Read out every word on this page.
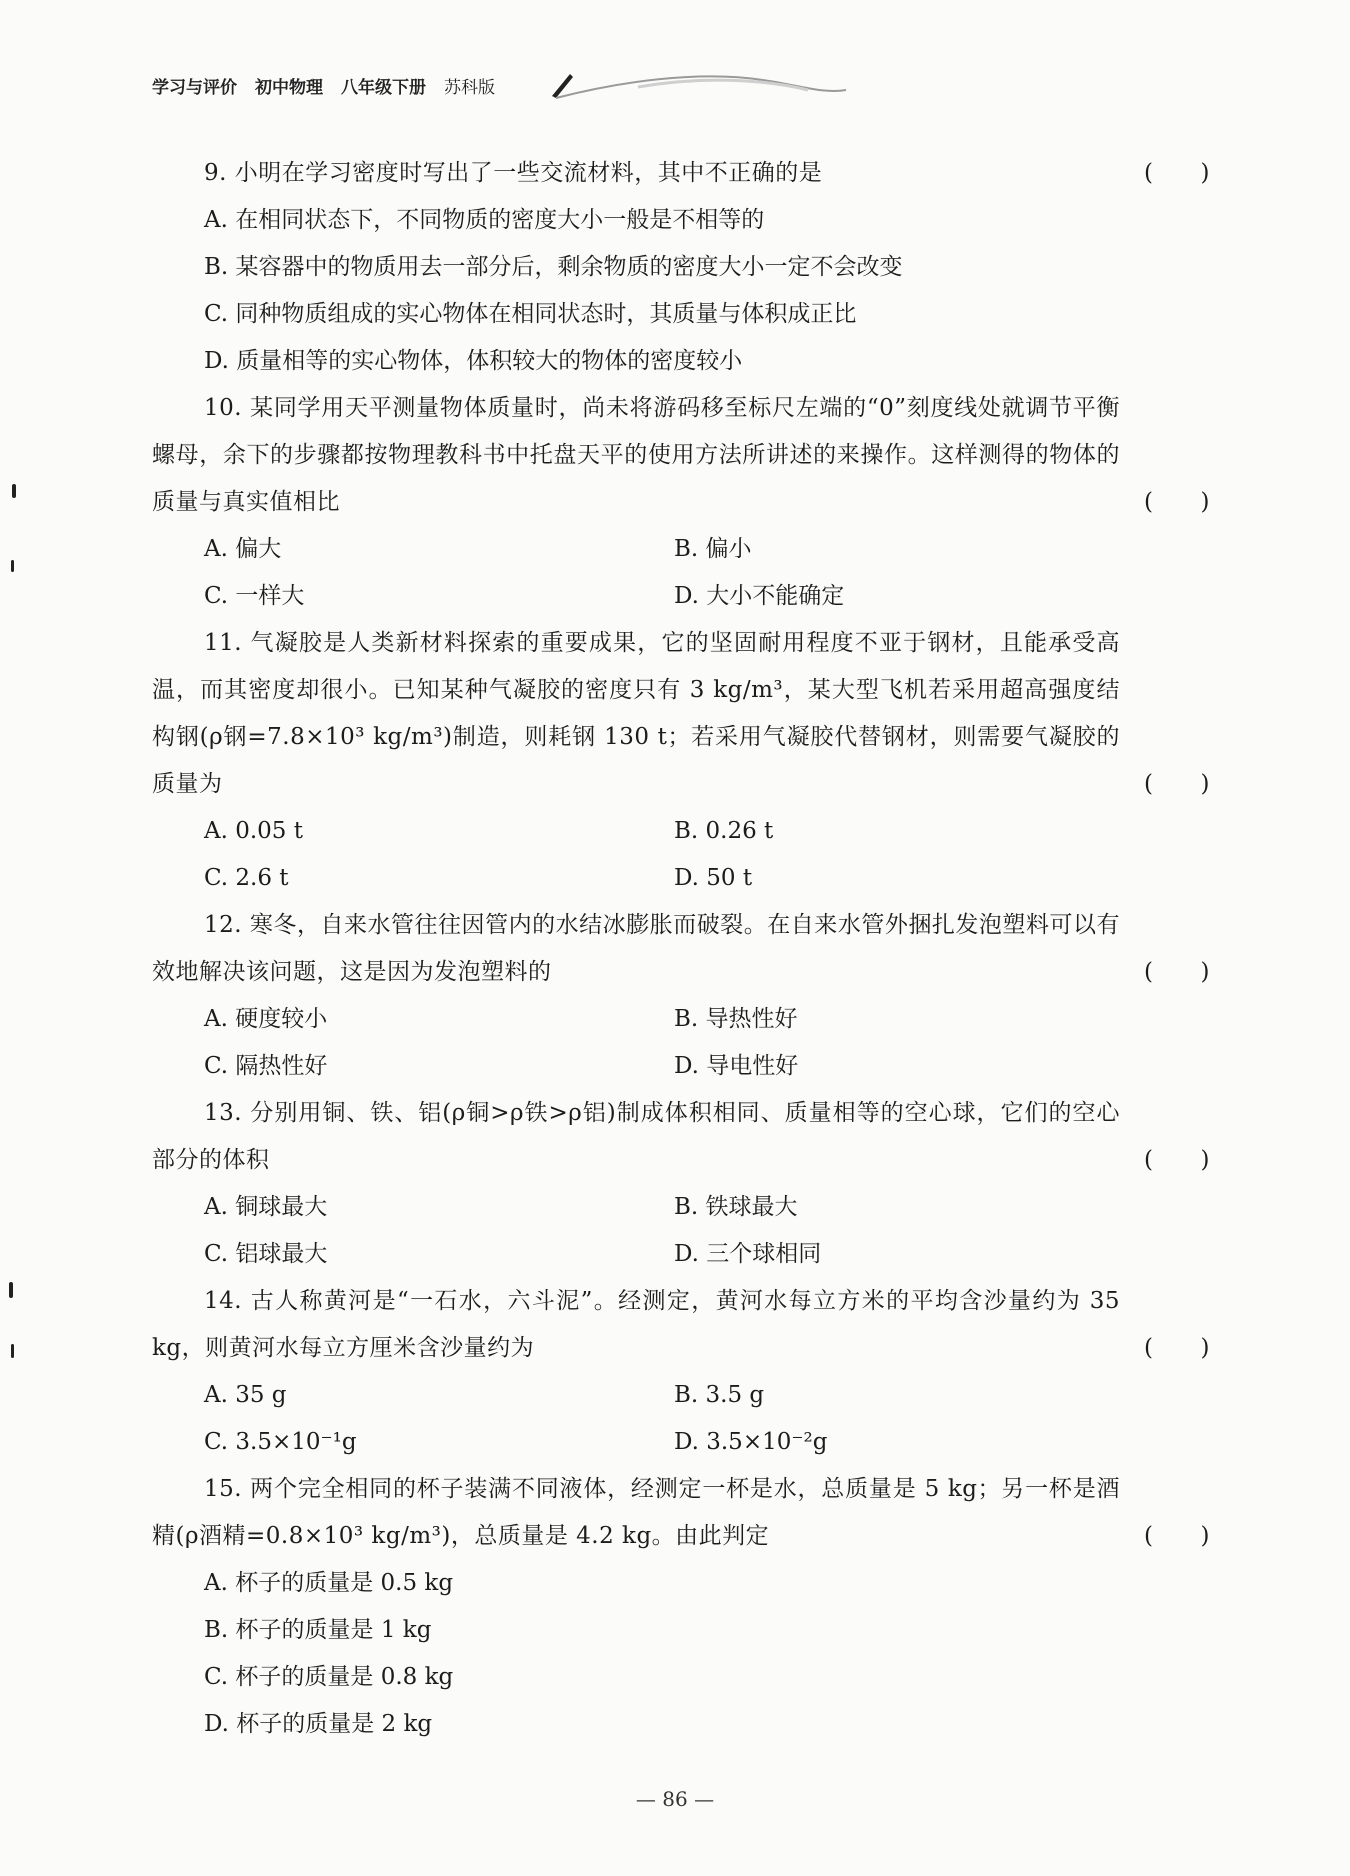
学习与评价 初中物理 八年级下册 苏科版
9. 小明在学习密度时写出了一些交流材料，其中不正确的是	(　　)
A. 在相同状态下，不同物质的密度大小一般是不相等的
B. 某容器中的物质用去一部分后，剩余物质的密度大小一定不会改变
C. 同种物质组成的实心物体在相同状态时，其质量与体积成正比
D. 质量相等的实心物体，体积较大的物体的密度较小
10. 某同学用天平测量物体质量时，尚未将游码移至标尺左端的“0”刻度线处就调节平衡螺母，余下的步骤都按物理教科书中托盘天平的使用方法所讲述的来操作。这样测得的物体的质量与真实值相比	(　　)
A. 偏大	B. 偏小
C. 一样大	D. 大小不能确定
11. 气凝胶是人类新材料探索的重要成果，它的坚固耐用程度不亚于钢材，且能承受高温，而其密度却很小。已知某种气凝胶的密度只有 3 kg/m³，某大型飞机若采用超高强度结构钢(ρ钢=7.8×10³ kg/m³)制造，则耗钢 130 t；若采用气凝胶代替钢材，则需要气凝胶的质量为	(　　)
A. 0.05 t	B. 0.26 t
C. 2.6 t	D. 50 t
12. 寒冬，自来水管往往因管内的水结冰膨胀而破裂。在自来水管外捆扎发泡塑料可以有效地解决该问题，这是因为发泡塑料的	(　　)
A. 硬度较小	B. 导热性好
C. 隔热性好	D. 导电性好
13. 分别用铜、铁、铝(ρ铜>ρ铁>ρ铝)制成体积相同、质量相等的空心球，它们的空心部分的体积	(　　)
A. 铜球最大	B. 铁球最大
C. 铝球最大	D. 三个球相同
14. 古人称黄河是“一石水，六斗泥”。经测定，黄河水每立方米的平均含沙量约为 35 kg，则黄河水每立方厘米含沙量约为	(　　)
A. 35 g	B. 3.5 g
C. 3.5×10⁻¹g	D. 3.5×10⁻²g
15. 两个完全相同的杯子装满不同液体，经测定一杯是水，总质量是 5 kg；另一杯是酒精(ρ酒精=0.8×10³ kg/m³)，总质量是 4.2 kg。由此判定	(　　)
A. 杯子的质量是 0.5 kg
B. 杯子的质量是 1 kg
C. 杯子的质量是 0.8 kg
D. 杯子的质量是 2 kg
— 86 —
